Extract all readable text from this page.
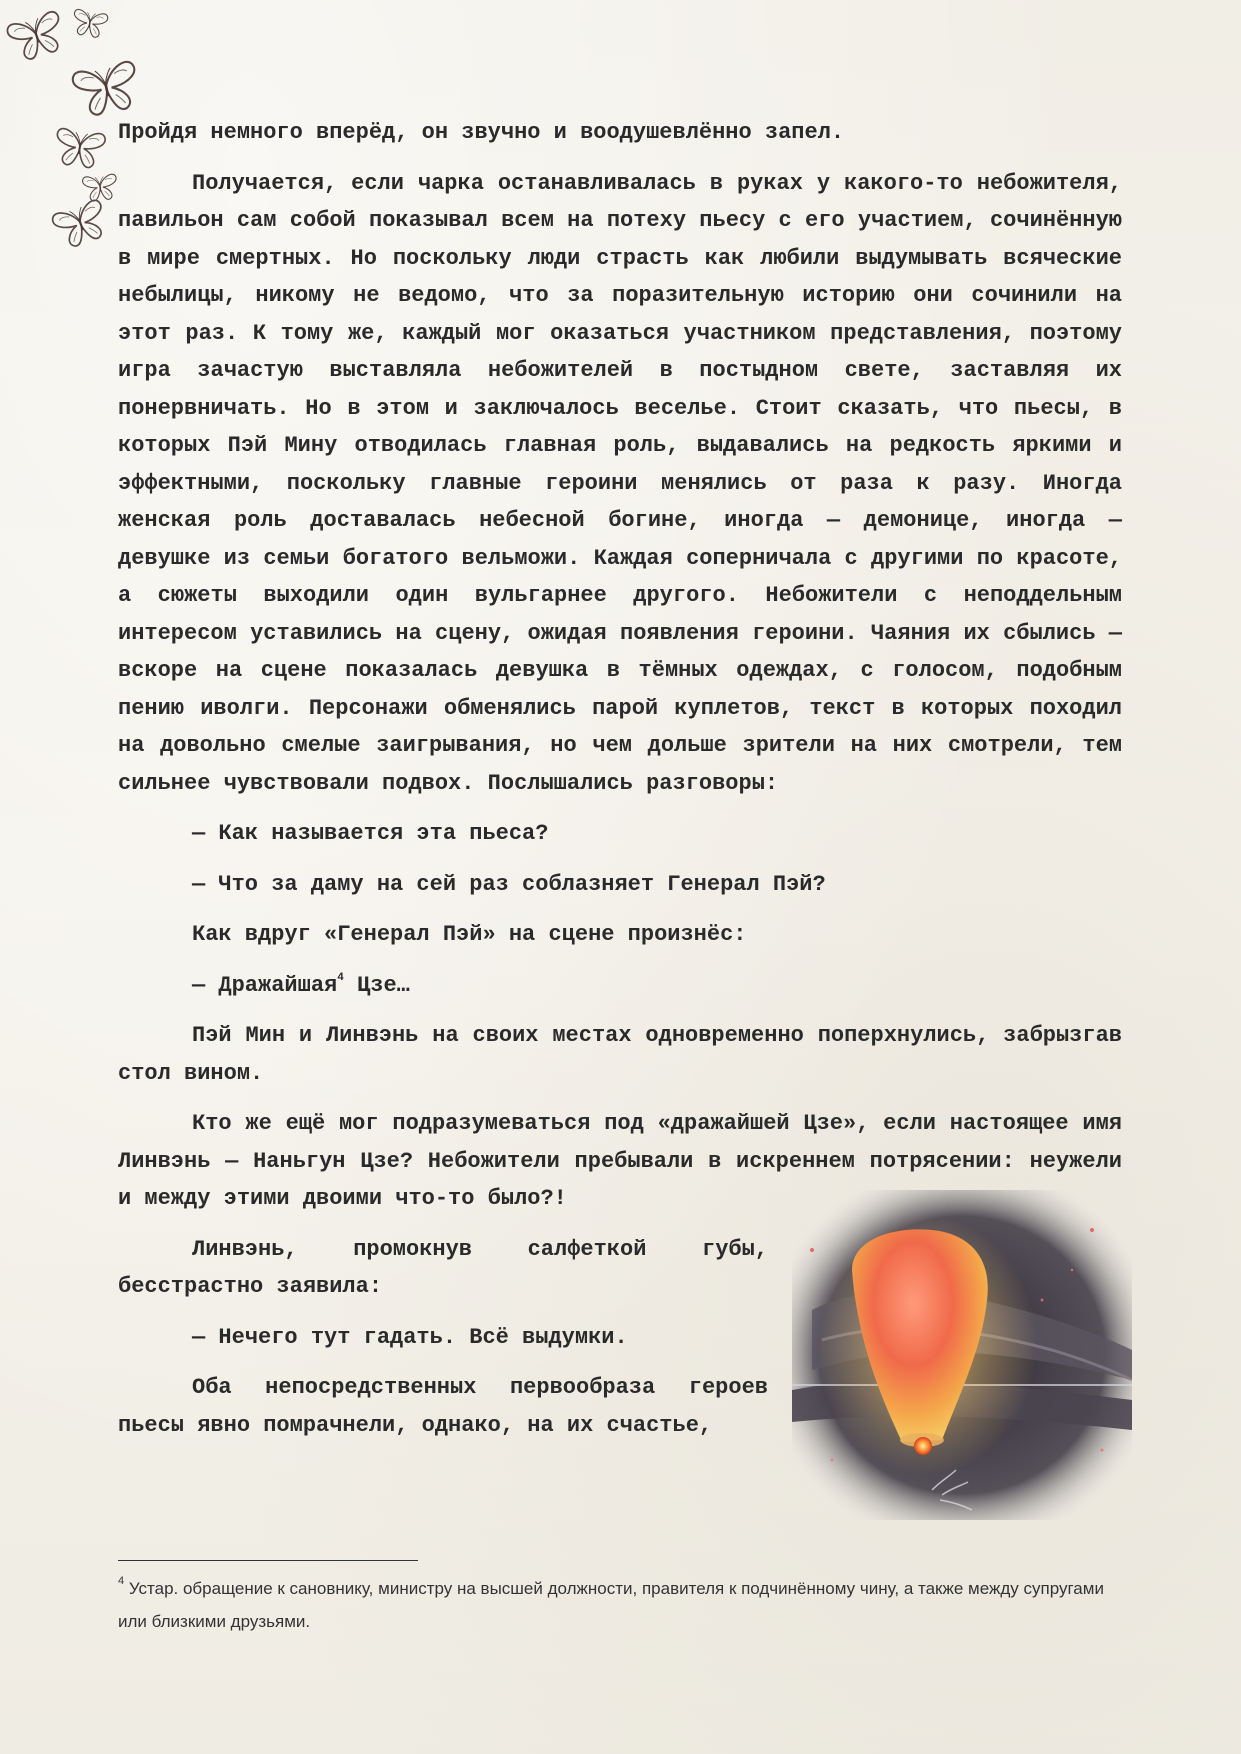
Пройдя немного вперёд, он звучно и воодушевлённо запел.

Получается, если чарка останавливалась в руках у какого-то небожителя, павильон сам собой показывал всем на потеху пьесу с его участием, сочинённую в мире смертных. Но поскольку люди страсть как любили выдумывать всяческие небылицы, никому не ведомо, что за поразительную историю они сочинили на этот раз. К тому же, каждый мог оказаться участником представления, поэтому игра зачастую выставляла небожителей в постыдном свете, заставляя их понервничать. Но в этом и заключалось веселье. Стоит сказать, что пьесы, в которых Пэй Мину отводилась главная роль, выдавались на редкость яркими и эффектными, поскольку главные героини менялись от раза к разу. Иногда женская роль доставалась небесной богине, иногда — демонице, иногда — девушке из семьи богатого вельможи. Каждая соперничала с другими по красоте, а сюжеты выходили один вульгарнее другого. Небожители с неподдельным интересом уставились на сцену, ожидая появления героини. Чаяния их сбылись — вскоре на сцене показалась девушка в тёмных одеждах, с голосом, подобным пению иволги. Персонажи обменялись парой куплетов, текст в которых походил на довольно смелые заигрывания, но чем дольше зрители на них смотрели, тем сильнее чувствовали подвох. Послышались разговоры:

— Как называется эта пьеса?

— Что за даму на сей раз соблазняет Генерал Пэй?

Как вдруг «Генерал Пэй» на сцене произнёс:

— Дражайшая$^4$ Цзе…

Пэй Мин и Линвэнь на своих местах одновременно поперхнулись, забрызгав стол вином.

Кто же ещё мог подразумеваться под «дражайшей Цзе», если настоящее имя Линвэнь — Наньгун Цзе? Небожители пребывали в искреннем потрясении: неужели и между этими двоими что-то было?!

Линвэнь, промокнув салфеткой губы, бесстрастно заявила:

— Нечего тут гадать. Всё выдумки.

Оба непосредственных первообраза героев пьесы явно помрачнели, однако, на их счастье,

$^4$ Устар. обращение к сановнику, министру на высшей должности, правителя к подчинённому чину, а также между супругами или близкими друзьями.
